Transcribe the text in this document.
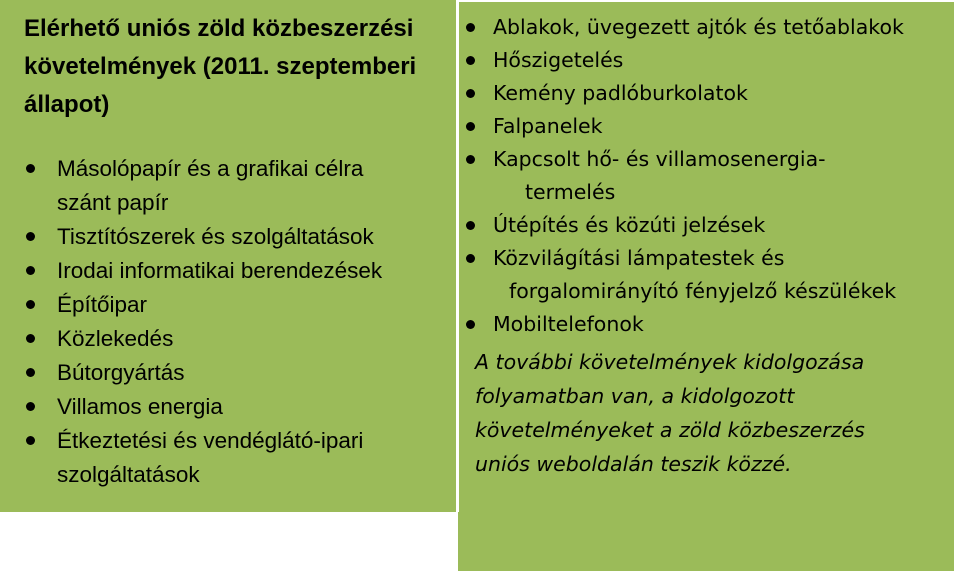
Elérhető uniós zöld közbeszerzési
követelmények (2011. szeptemberi
állapot)
Másolópapír és a grafikai célra
szánt papír
Tisztítószerek és szolgáltatások
Irodai informatikai berendezések
Építőipar
Közlekedés
Bútorgyártás
Villamos energia
Étkeztetési és vendéglátó-ipari
szolgáltatások
Ablakok, üvegezett ajtók és tetőablakok
Hőszigetelés
Kemény padlóburkolatok
Falpanelek
Kapcsolt hő- és villamosenergia-
termelés
Útépítés és közúti jelzések
Közvilágítási lámpatestek és
forgalomirányító fényjelző készülékek
Mobiltelefonok

A további követelmények kidolgozása
folyamatban van, a kidolgozott
követelményeket a zöld közbeszerzés
uniós weboldalán teszik közzé.
